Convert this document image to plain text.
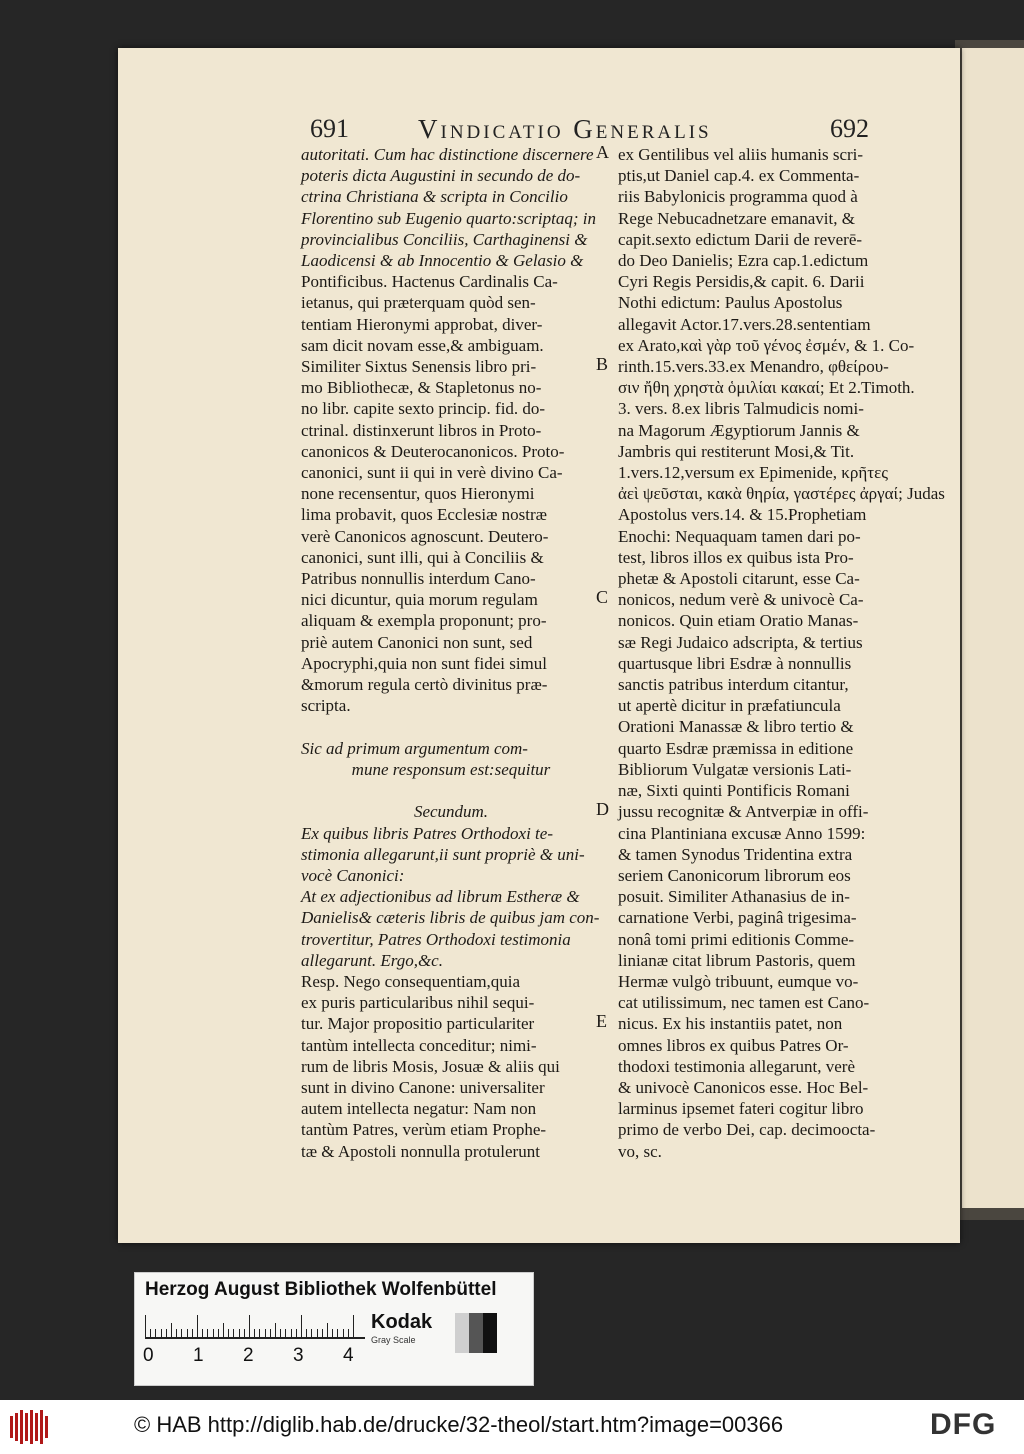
691	Vindicatio Generalis	692
autoritati. Cum hac distinctione discernere
poteris dicta Augustini in secundo de do-
ctrina Christiana & scripta in Concilio
Florentino sub Eugenio quarto:scriptaq; in
provincialibus Conciliis, Carthaginensi &
Laodicensi & ab Innocentio & Gelasio &
Pontificibus. Hactenus Cardinalis Ca-
ietanus, qui præterquam quòd sen-
tentiam Hieronymi approbat, diver-
sam dicit novam esse,& ambiguam.
Similiter Sixtus Senensis libro pri-
mo Bibliothecæ, & Stapletonus no-
no libr. capite sexto princip. fid. do-
ctrinal. distinxerunt libros in Proto-
canonicos & Deuterocanonicos. Proto-
canonici, sunt ii qui in verè divino Ca-
none recensentur, quos Hieronymi
lima probavit, quos Ecclesiæ nostræ
verè Canonicos agnoscunt. Deutero-
canonici, sunt illi, qui à Conciliis &
Patribus nonnullis interdum Cano-
nici dicuntur, quia morum regulam
aliquam & exempla proponunt; pro-
priè autem Canonici non sunt, sed
Apocryphi,quia non sunt fidei simul
&morum regula certò divinitus præ-
scripta.

Sic ad primum argumentum com-
mune responsum est:sequitur

Secundum.
Ex quibus libris Patres Orthodoxi te-
stimonia allegarunt,ii sunt propriè & uni-
vocè Canonici:
At ex adjectionibus ad librum Estheræ &
Danielis& cæteris libris de quibus jam con-
trovertitur, Patres Orthodoxi testimonia
allegarunt. Ergo,&c.
Resp. Nego consequentiam,quia
ex puris particularibus nihil sequi-
tur. Major propositio particulariter
tantùm intellecta conceditur; nimi-
rum de libris Mosis, Josuæ & aliis qui
sunt in divino Canone: universaliter
autem intellecta negatur: Nam non
tantùm Patres, verùm etiam Prophe-
tæ & Apostoli nonnulla protulerunt
A
B
C
D
E
ex Gentilibus vel aliis humanis scri-
ptis,ut Daniel cap.4. ex Commenta-
riis Babylonicis programma quod à
Rege Nebucadnetzare emanavit, &
capit.sexto edictum Darii de reverē-
do Deo Danielis; Ezra cap.1.edictum
Cyri Regis Persidis,& capit. 6. Darii
Nothi edictum: Paulus Apostolus
allegavit Actor.17.vers.28.sententiam
ex Arato,καὶ γὰρ τοῦ γένος ἐσμέν, & 1. Co-
rinth.15.vers.33.ex Menandro, φθείρου-
σιν ἤθη χρηστὰ ὁμιλίαι κακαί; Et 2.Timoth.
3. vers. 8.ex libris Talmudicis nomi-
na Magorum Ægyptiorum Jannis &
Jambris qui restiterunt Mosi,& Tit.
1.vers.12,versum ex Epimenide, κρῆτες
ἀεὶ ψεῦσται, κακὰ θηρία, γαστέρες ἀργαί; Judas
Apostolus vers.14. & 15.Prophetiam
Enochi: Nequaquam tamen dari po-
test, libros illos ex quibus ista Pro-
phetæ & Apostoli citarunt, esse Ca-
nonicos, nedum verè & univocè Ca-
nonicos. Quin etiam Oratio Manas-
sæ Regi Judaico adscripta, & tertius
quartusque libri Esdræ à nonnullis
sanctis patribus interdum citantur,
ut apertè dicitur in præfatiuncula
Orationi Manassæ & libro tertio &
quarto Esdræ præmissa in editione
Bibliorum Vulgatæ versionis Lati-
næ, Sixti quinti Pontificis Romani
jussu recognitæ & Antverpiæ in offi-
cina Plantiniana excusæ Anno 1599:
& tamen Synodus Tridentina extra
seriem Canonicorum librorum eos
posuit. Similiter Athanasius de in-
carnatione Verbi, paginâ trigesima-
nonâ tomi primi editionis Comme-
linianæ citat librum Pastoris, quem
Hermæ vulgò tribuunt, eumque vo-
cat utilissimum, nec tamen est Cano-
nicus. Ex his instantiis patet, non
omnes libros ex quibus Patres Or-
thodoxi testimonia allegarunt, verè
& univocè Canonicos esse. Hoc Bel-
larminus ipsemet fateri cogitur libro
primo de verbo Dei, cap. decimooctа-
vo, sc.
Herzog August Bibliothek Wolfenbüttel
Kodak
Gray Scale
0 1 2 3 4
© HAB http://diglib.hab.de/drucke/32-theol/start.htm?image=00366	DFG
